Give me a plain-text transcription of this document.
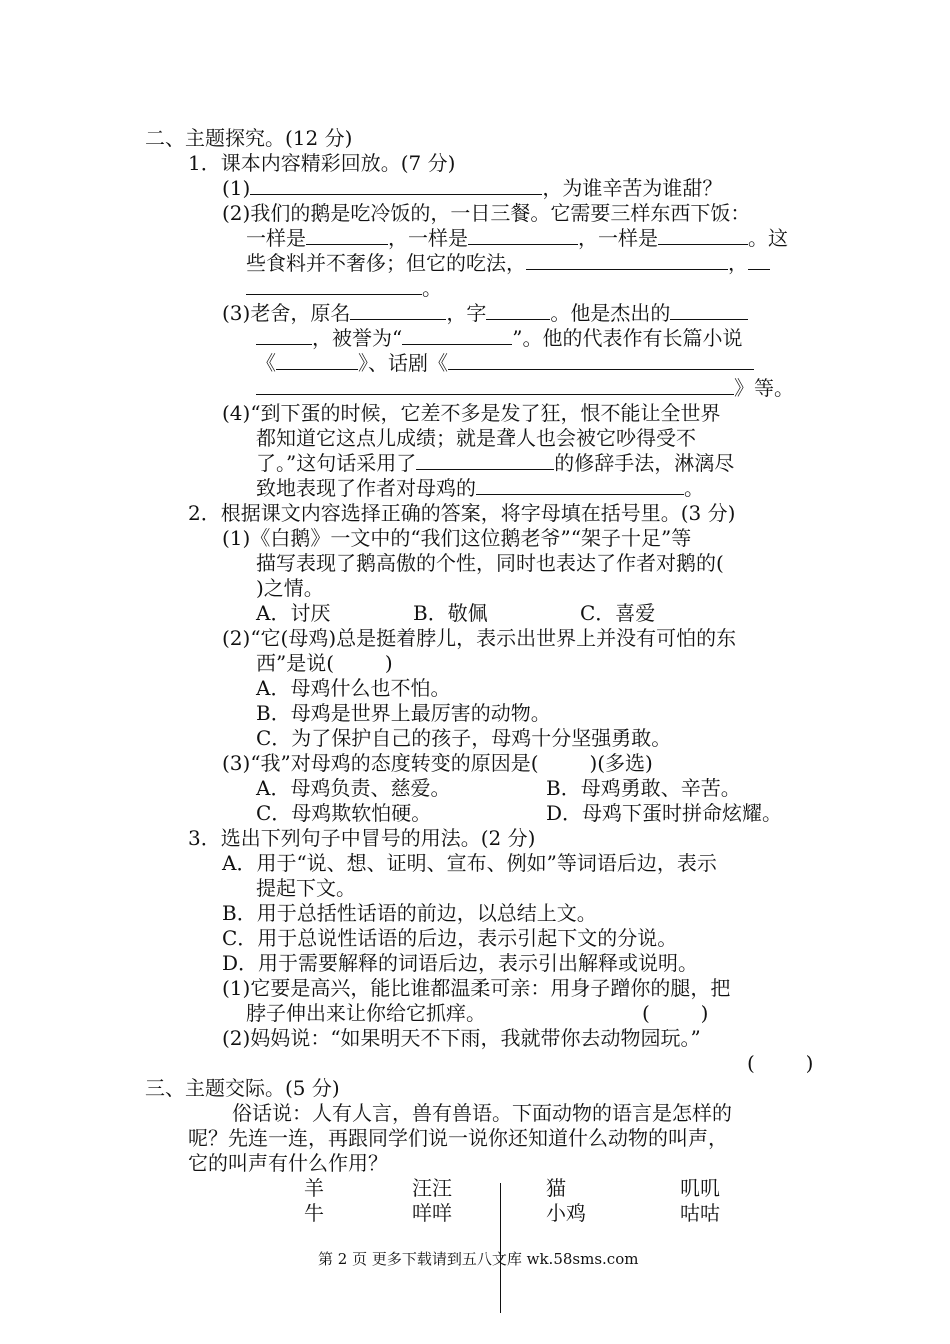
二、主题探究。(12 分)
1．课本内容精彩回放。(7 分)
(1)	，为谁辛苦为谁甜？
(2)我们的鹅是吃冷饭的，一日三餐。它需要三样东西下饭：
一样是	，一样是	，一样是	。这
些食料并不奢侈；但它的吃法，	，
。
(3)老舍，原名	，字	。他是杰出的
，被誉为“	”。他的代表作有长篇小说
《	》、话剧《
》等。
(4)“到下蛋的时候，它差不多是发了狂，恨不能让全世界
都知道它这点儿成绩；就是聋人也会被它吵得受不
了。”这句话采用了	的修辞手法，淋漓尽
致地表现了作者对母鸡的	。
2．根据课文内容选择正确的答案，将字母填在括号里。(3 分)
(1)《白鹅》一文中的“我们这位鹅老爷”“架子十足”等
描写表现了鹅高傲的个性，同时也表达了作者对鹅的(
)之情。
A．讨厌	B．敬佩	C．喜爱
(2)“它(母鸡)总是挺着脖儿，表示出世界上并没有可怕的东
西”是说(        )
A．母鸡什么也不怕。
B．母鸡是世界上最厉害的动物。
C．为了保护自己的孩子，母鸡十分坚强勇敢。
(3)“我”对母鸡的态度转变的原因是(        )(多选)
A．母鸡负责、慈爱。	B．母鸡勇敢、辛苦。
C．母鸡欺软怕硬。	D．母鸡下蛋时拼命炫耀。
3．选出下列句子中冒号的用法。(2 分)
A．用于“说、想、证明、宣布、例如”等词语后边，表示
提起下文。
B．用于总括性话语的前边，以总结上文。
C．用于总说性话语的后边，表示引起下文的分说。
D．用于需要解释的词语后边，表示引出解释或说明。
(1)它要是高兴，能比谁都温柔可亲：用身子蹭你的腿，把
脖子伸出来让你给它抓痒。	(        )
(2)妈妈说：“如果明天不下雨，我就带你去动物园玩。”
(        )
三、主题交际。(5 分)
俗话说：人有人言，兽有兽语。下面动物的语言是怎样的
呢？先连一连，再跟同学们说一说你还知道什么动物的叫声，
它的叫声有什么作用？
羊	汪汪	猫	叽叽
牛	咩咩	小鸡	咕咕
第 2 页 更多下载请到五八文库 wk.58sms.com
